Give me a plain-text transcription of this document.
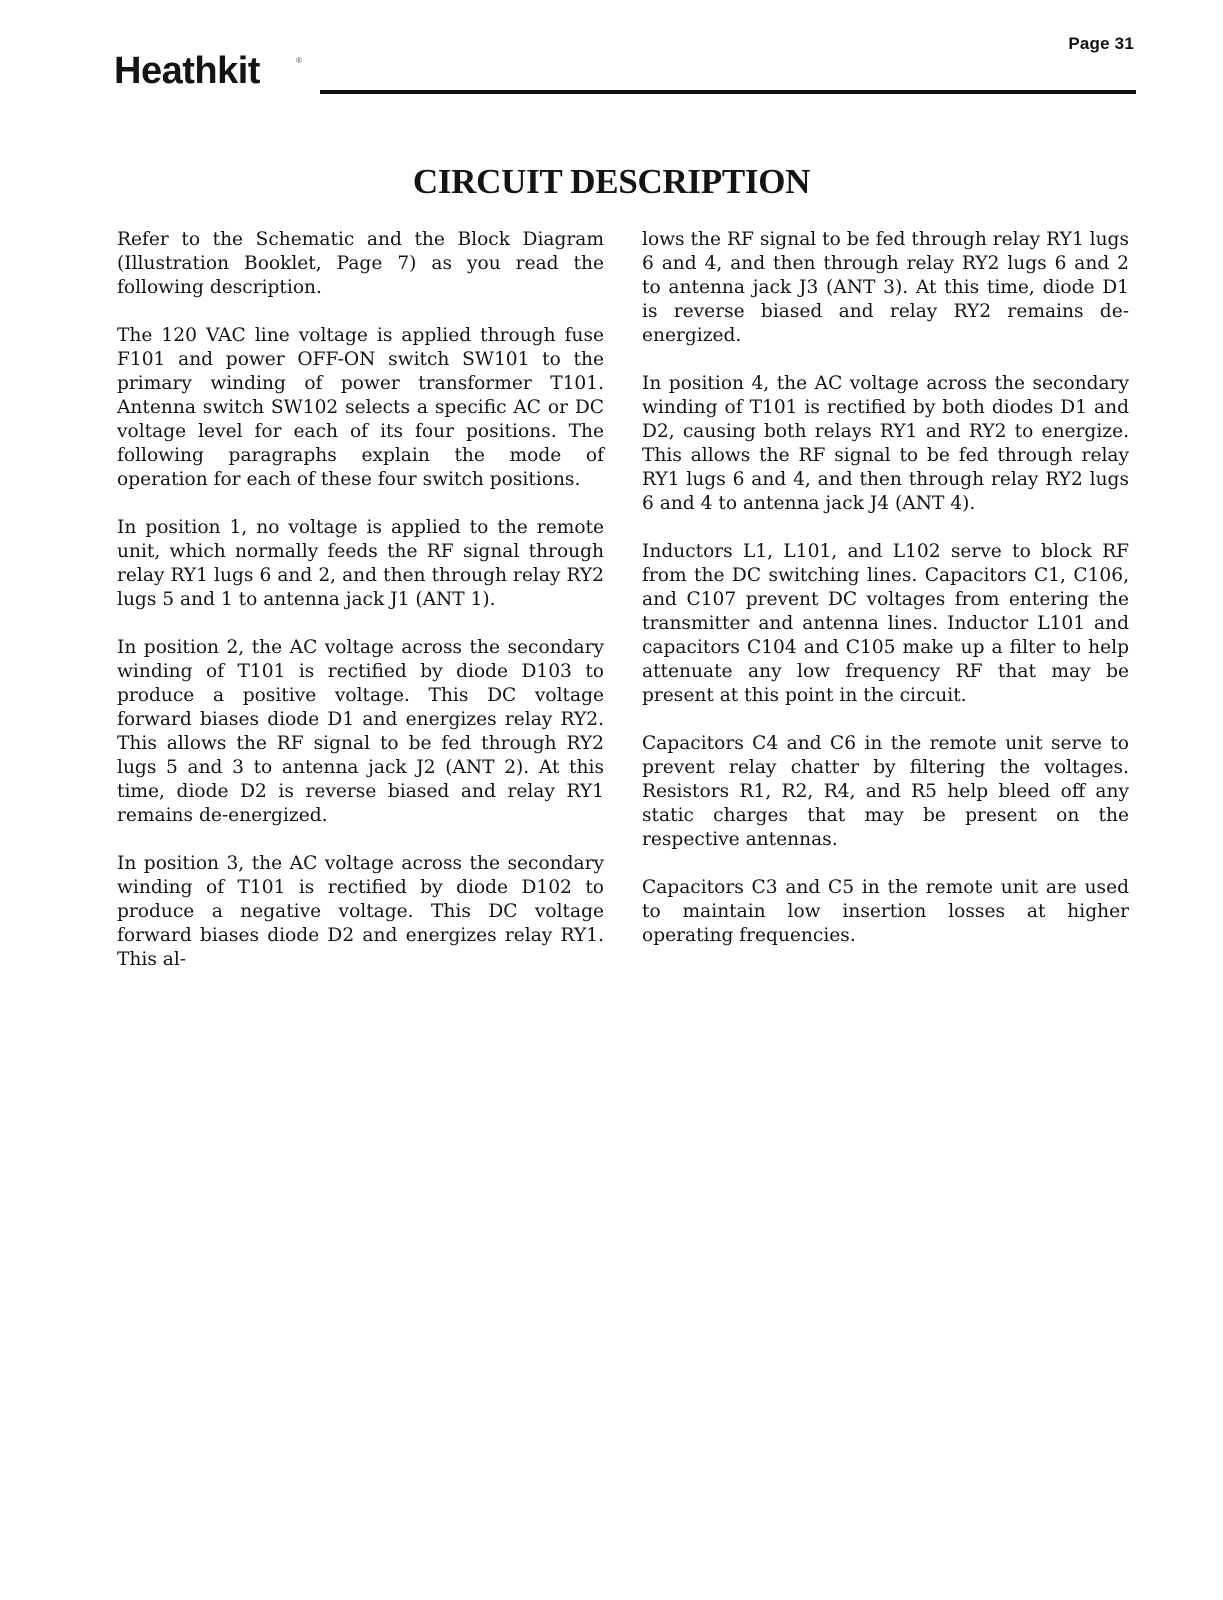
Page 31
Heathkit	®
CIRCUIT DESCRIPTION

Refer to the Schematic and the Block Diagram (Illustration Booklet, Page 7) as you read the following description.

The 120 VAC line voltage is applied through fuse F101 and power OFF-ON switch SW101 to the primary winding of power transformer T101. Antenna switch SW102 selects a specific AC or DC voltage level for each of its four positions. The following paragraphs explain the mode of operation for each of these four switch positions.

In position 1, no voltage is applied to the remote unit, which normally feeds the RF signal through relay RY1 lugs 6 and 2, and then through relay RY2 lugs 5 and 1 to antenna jack J1 (ANT 1).

In position 2, the AC voltage across the secondary winding of T101 is rectified by diode D103 to produce a positive voltage. This DC voltage forward biases diode D1 and energizes relay RY2. This allows the RF signal to be fed through RY2 lugs 5 and 3 to antenna jack J2 (ANT 2). At this time, diode D2 is reverse biased and relay RY1 remains de-energized.

In position 3, the AC voltage across the secondary winding of T101 is rectified by diode D102 to produce a negative voltage. This DC voltage forward biases diode D2 and energizes relay RY1. This al-

lows the RF signal to be fed through relay RY1 lugs 6 and 4, and then through relay RY2 lugs 6 and 2 to antenna jack J3 (ANT 3). At this time, diode D1 is reverse biased and relay RY2 remains de-energized.

In position 4, the AC voltage across the secondary winding of T101 is rectified by both diodes D1 and D2, causing both relays RY1 and RY2 to energize. This allows the RF signal to be fed through relay RY1 lugs 6 and 4, and then through relay RY2 lugs 6 and 4 to antenna jack J4 (ANT 4).

Inductors L1, L101, and L102 serve to block RF from the DC switching lines. Capacitors C1, C106, and C107 prevent DC voltages from entering the transmitter and antenna lines. Inductor L101 and capacitors C104 and C105 make up a filter to help attenuate any low frequency RF that may be present at this point in the circuit.

Capacitors C4 and C6 in the remote unit serve to prevent relay chatter by filtering the voltages. Resistors R1, R2, R4, and R5 help bleed off any static charges that may be present on the respective antennas.

Capacitors C3 and C5 in the remote unit are used to maintain low insertion losses at higher operating frequencies.
